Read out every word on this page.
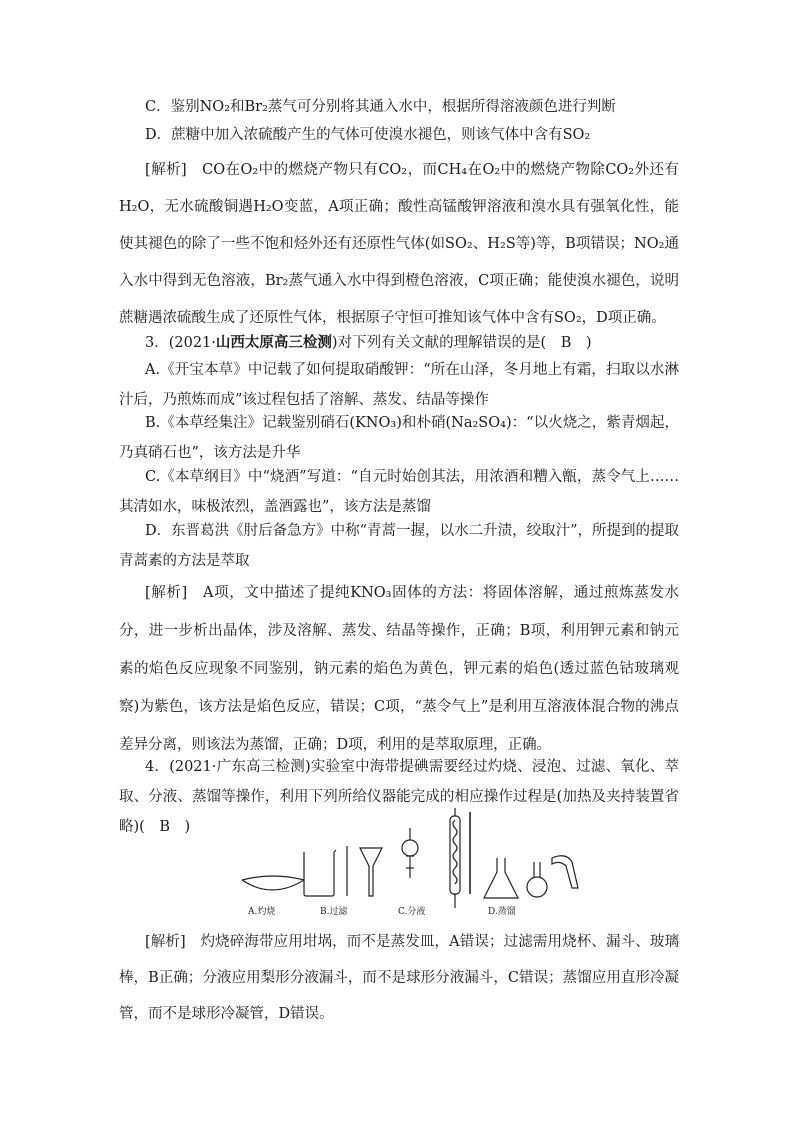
C．鉴别NO₂和Br₂蒸气可分别将其通入水中，根据所得溶液颜色进行判断

D．蔗糖中加入浓硫酸产生的气体可使溴水褪色，则该气体中含有SO₂

[解析]　CO在O₂中的燃烧产物只有CO₂，而CH₄在O₂中的燃烧产物除CO₂外还有H₂O，无水硫酸铜遇H₂O变蓝，A项正确；酸性高锰酸钾溶液和溴水具有强氧化性，能使其褪色的除了一些不饱和烃外还有还原性气体(如SO₂、H₂S等)等，B项错误；NO₂通入水中得到无色溶液，Br₂蒸气通入水中得到橙色溶液，C项正确；能使溴水褪色，说明蔗糖遇浓硫酸生成了还原性气体，根据原子守恒可推知该气体中含有SO₂，D项正确。

3．(2021·山西太原高三检测)对下列有关文献的理解错误的是(　B　)

A.《开宝本草》中记载了如何提取硝酸钾：“所在山泽，冬月地上有霜，扫取以水淋汁后，乃煎炼而成”该过程包括了溶解、蒸发、结晶等操作

B.《本草经集注》记载鉴别硝石(KNO₃)和朴硝(Na₂SO₄)：“以火烧之，紫青烟起，乃真硝石也”，该方法是升华

C.《本草纲目》中“烧酒”写道：“自元时始创其法，用浓酒和糟入甑，蒸令气上……其清如水，味极浓烈，盖酒露也”，该方法是蒸馏

D．东晋葛洪《肘后备急方》中称“青蒿一握，以水二升渍，绞取汁”，所提到的提取青蒿素的方法是萃取

[解析]　A项，文中描述了提纯KNO₃固体的方法：将固体溶解，通过煎炼蒸发水分，进一步析出晶体，涉及溶解、蒸发、结晶等操作，正确；B项，利用钾元素和钠元素的焰色反应现象不同鉴别，钠元素的焰色为黄色，钾元素的焰色(透过蓝色钴玻璃观察)为紫色，该方法是焰色反应，错误；C项，“蒸令气上”是利用互溶液体混合物的沸点差异分离，则该法为蒸馏，正确；D项，利用的是萃取原理，正确。

4．(2021·广东高三检测)实验室中海带提碘需要经过灼烧、浸泡、过滤、氧化、萃取、分液、蒸馏等操作，利用下列所给仪器能完成的相应操作过程是(加热及夹持装置省略)(　B　)

A.灼烧	B.过滤	C.分液	D.蒸馏

[解析]　灼烧碎海带应用坩埚，而不是蒸发皿，A错误；过滤需用烧杯、漏斗、玻璃棒，B正确；分液应用梨形分液漏斗，而不是球形分液漏斗，C错误；蒸馏应用直形冷凝管，而不是球形冷凝管，D错误。
